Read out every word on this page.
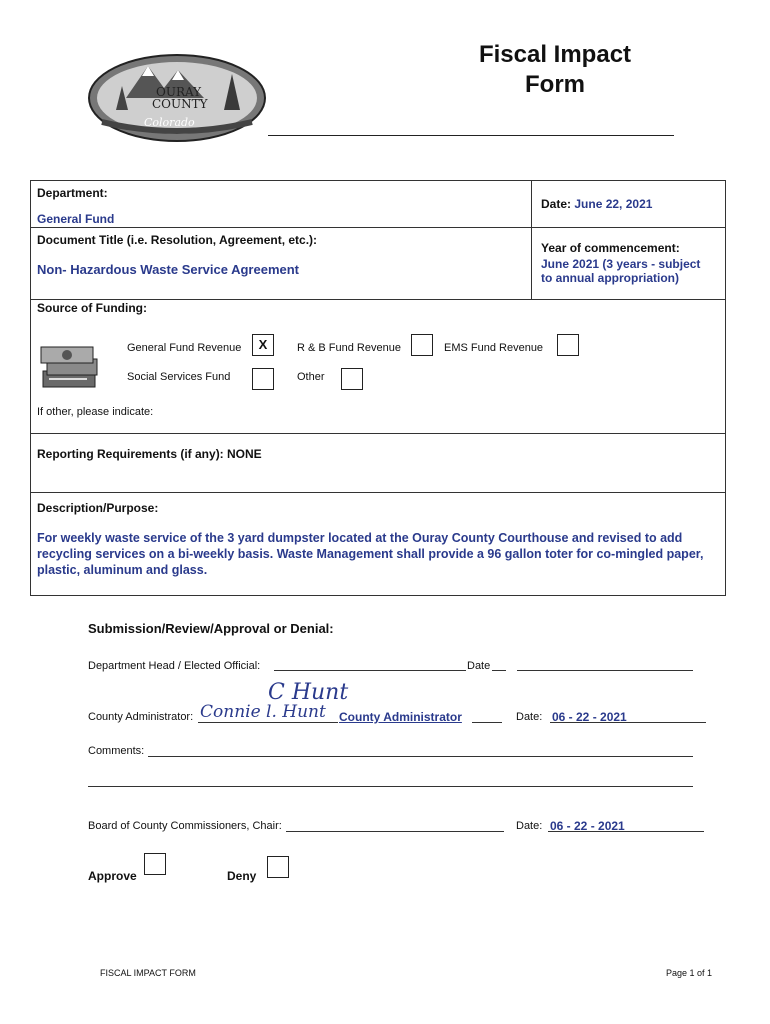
OURAY
COUNTY
Colorado
Fiscal Impact
Form
Department:
General Fund
Date: June 22, 2021
Document Title (i.e. Resolution, Agreement, etc.):
Non- Hazardous Waste Service Agreement
Year of commencement:
June 2021 (3 years - subject
to annual appropriation)
Source of Funding:
General Fund Revenue	X	R & B Fund Revenue	EMS Fund Revenue
Social Services Fund	Other
If other, please indicate:
Reporting Requirements (if any): NONE
Description/Purpose:
For weekly waste service of the 3 yard dumpster located at the Ouray County Courthouse and revised to add recycling services on a bi-weekly basis. Waste Management shall provide a 96 gallon toter for co-mingled paper, plastic, aluminum and glass.
Submission/Review/Approval or Denial:
Department Head / Elected Official:	Date
C Hunt
County Administrator: Connie l. Hunt County Administrator	Date: 06 - 22 - 2021
Comments:
Board of County Commissioners, Chair:	Date: 06 - 22 - 2021
Approve	Deny
FISCAL IMPACT FORM	Page 1 of 1
